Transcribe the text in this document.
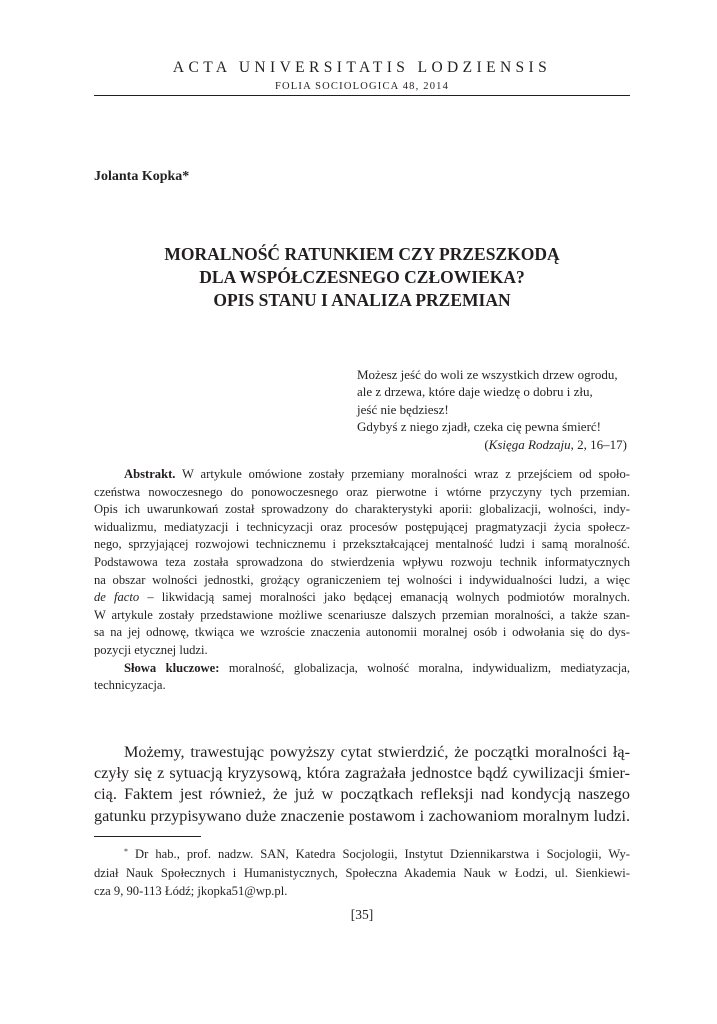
ACTA UNIVERSITATIS LODZIENSIS
FOLIA SOCIOLOGICA 48, 2014
Jolanta Kopka*
MORALNOŚĆ RATUNKIEM CZY PRZESZKODĄ
DLA WSPÓŁCZESNEGO CZŁOWIEKA?
OPIS STANU I ANALIZA PRZEMIAN
Możesz jeść do woli ze wszystkich drzew ogrodu,
ale z drzewa, które daje wiedzę o dobru i złu,
jeść nie będziesz!
Gdybyś z niego zjadł, czeka cię pewna śmierć!
(Księga Rodzaju, 2, 16–17)
Abstrakt. W artykule omówione zostały przemiany moralności wraz z przejściem od społo-
czeństwa nowoczesnego do ponowoczesnego oraz pierwotne i wtórne przyczyny tych przemian.
Opis ich uwarunkowań został sprowadzony do charakterystyki aporii: globalizacji, wolności, indy-
widualizmu, mediatyzacji i technicyzacji oraz procesów postępującej pragmatyzacji życia społecz-
nego, sprzyjającej rozwojowi technicznemu i przekształcającej mentalność ludzi i samą moralność.
Podstawowa teza została sprowadzona do stwierdzenia wpływu rozwoju technik informatycznych
na obszar wolności jednostki, grożący ograniczeniem tej wolności i indywidualności ludzi, a więc
de facto – likwidacją samej moralności jako będącej emanacją wolnych podmiotów moralnych.
W artykule zostały przedstawione możliwe scenariusze dalszych przemian moralności, a także szan-
sa na jej odnowę, tkwiąca we wzroście znaczenia autonomii moralnej osób i odwołania się do dys-
pozycji etycznej ludzi.
Słowa kluczowe: moralność, globalizacja, wolność moralna, indywidualizm, mediatyzacja,
technicyzacja.
Możemy, trawestując powyższy cytat stwierdzić, że początki moralności łą-
czyły się z sytuacją kryzysową, która zagrażała jednostce bądź cywilizacji śmier-
cią. Faktem jest również, że już w początkach refleksji nad kondycją naszego
gatunku przypisywano duże znaczenie postawom i zachowaniom moralnym ludzi.
* Dr hab., prof. nadzw. SAN, Katedra Socjologii, Instytut Dziennikarstwa i Socjologii, Wy-
dział Nauk Społecznych i Humanistycznych, Społeczna Akademia Nauk w Łodzi, ul. Sienkiewi-
cza 9, 90-113 Łódź; jkopka51@wp.pl.
[35]
